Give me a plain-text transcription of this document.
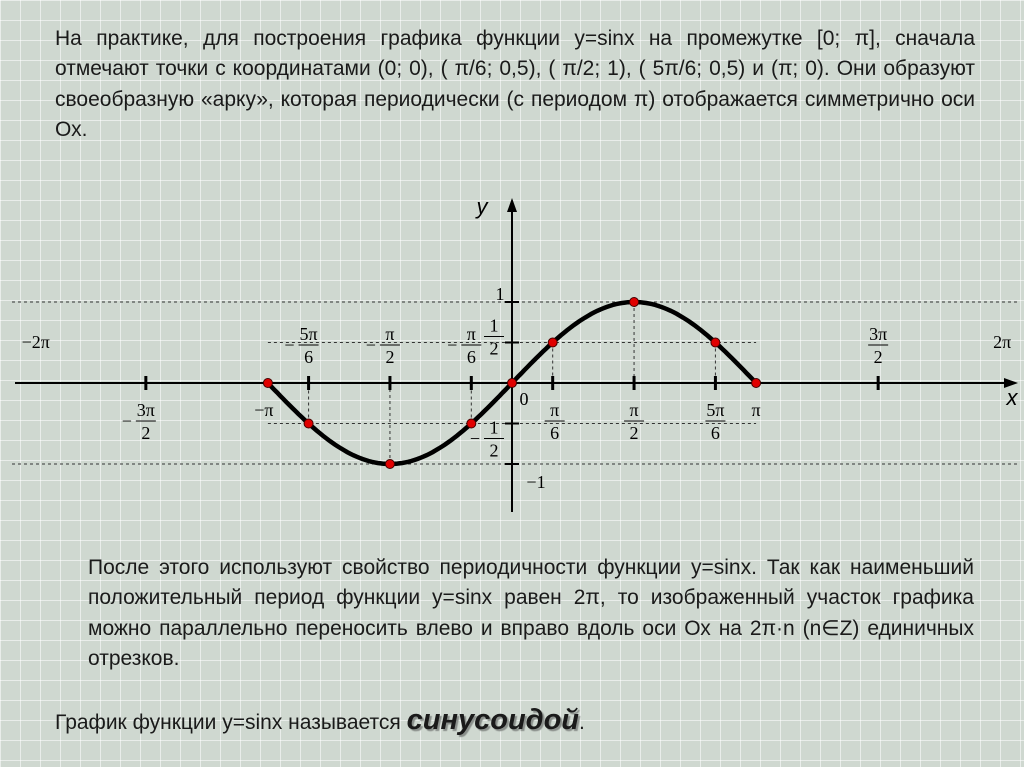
На практике, для построения графика функции y=sinx на промежутке [0; π], сначала отмечают точки с координатами (0; 0), ( π/6; 0,5), ( π/2; 1), ( 5π/6; 0,5) и (π; 0). Они образуют своеобразную «арку», которая периодически (с периодом π) отображается симметрично оси Ох.
x
y
−2π
−
3π
2
−π
−
5π
6
−
π
2
−
π
6
0
π
6
π
2
5π
6
π
3π
2
2π
1
−1
1
2
−
1
2
После этого используют свойство периодичности функции y=sinx. Так как наименьший положительный период функции y=sinx равен 2π, то изображенный участок графика можно параллельно переносить влево и вправо вдоль оси Ох на 2π·n (n∈Z) единичных отрезков.
График функции y=sinx называется синусоидой.
